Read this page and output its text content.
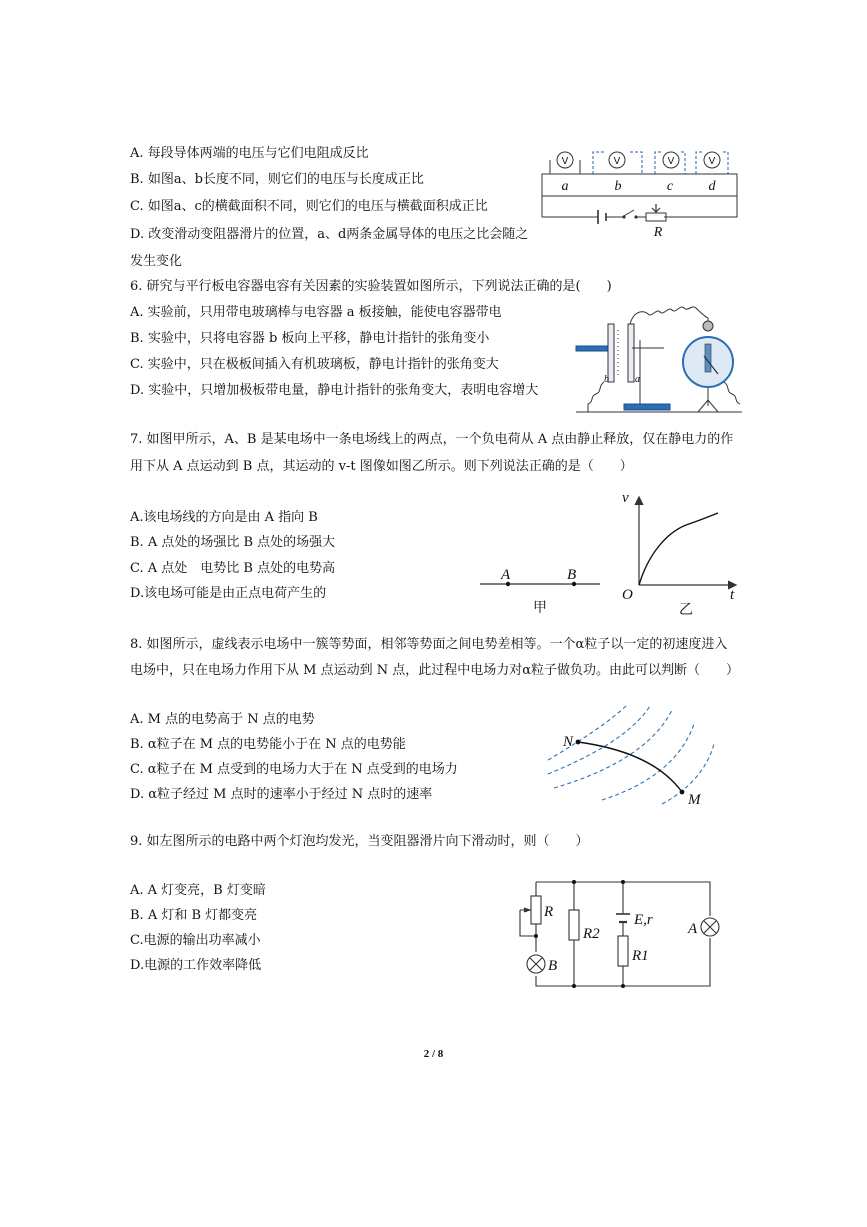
A. 每段导体两端的电压与它们电阻成反比
B. 如图a、b长度不同，则它们的电压与长度成正比
C. 如图a、c的横截面积不同，则它们的电压与横截面积成正比
D. 改变滑动变阻器滑片的位置，a、d两条金属导体的电压之比会随之
发生变化
V	V	V	V
a	b	c	d
R
6. 研究与平行板电容器电容有关因素的实验装置如图所示，下列说法正确的是(　　)
A. 实验前，只用带电玻璃棒与电容器 a 板接触，能使电容器带电
B. 实验中，只将电容器 b 板向上平移，静电计指针的张角变小
C. 实验中，只在极板间插入有机玻璃板，静电计指针的张角变大
D. 实验中，只增加极板带电量，静电计指针的张角变大，表明电容增大
b	a
7. 如图甲所示，A、B 是某电场中一条电场线上的两点，一个负电荷从 A 点由静止释放，仅在静电力的作
用下从 A 点运动到 B 点，其运动的 v-t 图像如图乙所示。则下列说法正确的是（　　）
A.该电场线的方向是由 A 指向 B
B. A 点处的场强比 B 点处的场强大
C. A 点处　电势比 B 点处的电势高
D.该电场可能是由正点电荷产生的
A	B
甲
v
t
O
乙
8. 如图所示，虚线表示电场中一簇等势面，相邻等势面之间电势差相等。一个α粒子以一定的初速度进入
电场中，只在电场力作用下从 M 点运动到 N 点，此过程中电场力对α粒子做负功。由此可以判断（　　）
A. M 点的电势高于 N 点的电势
B. α粒子在 M 点的电势能小于在 N 点的电势能
C. α粒子在 M 点受到的电场力大于在 N 点受到的电场力
D. α粒子经过 M 点时的速率小于经过 N 点时的速率
N
M
9. 如左图所示的电路中两个灯泡均发光，当变阻器滑片向下滑动时，则（　　）
A. A 灯变亮，B 灯变暗
B. A 灯和 B 灯都变亮
C.电源的输出功率减小
D.电源的工作效率降低
R
R2
E,r
R1
A
B
2 / 8
